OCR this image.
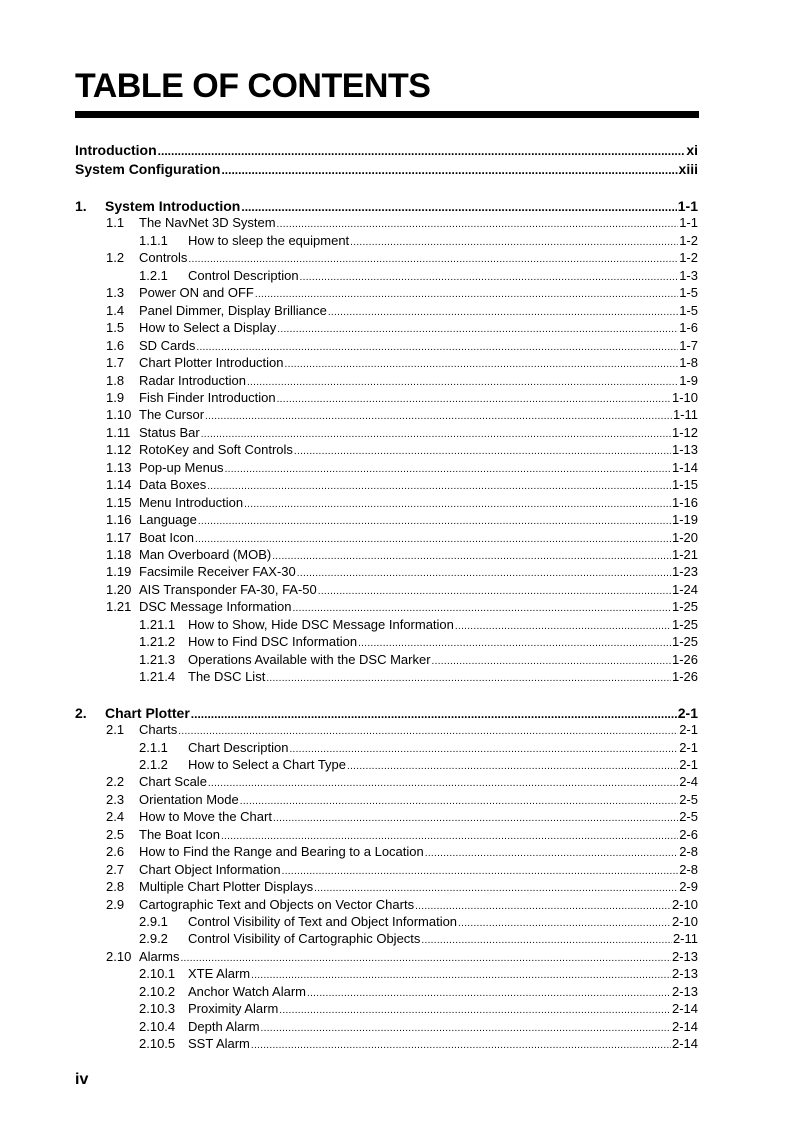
TABLE OF CONTENTS
Introduction .....	xi
System Configuration .....	xiii
1.	System Introduction .....	1-1
1.1	The NavNet 3D System .....	1-1
1.1.1	How to sleep the equipment .....	1-2
1.2	Controls .....	1-2
1.2.1	Control Description .....	1-3
1.3	Power ON and OFF .....	1-5
1.4	Panel Dimmer, Display Brilliance .....	1-5
1.5	How to Select a Display .....	1-6
1.6	SD Cards .....	1-7
1.7	Chart Plotter Introduction .....	1-8
1.8	Radar Introduction .....	1-9
1.9	Fish Finder Introduction .....	1-10
1.10 The Cursor .....	1-11
1.11 Status Bar .....	1-12
1.12 RotoKey and Soft Controls .....	1-13
1.13 Pop-up Menus .....	1-14
1.14 Data Boxes .....	1-15
1.15 Menu Introduction .....	1-16
1.16 Language .....	1-19
1.17 Boat Icon .....	1-20
1.18 Man Overboard (MOB) .....	1-21
1.19 Facsimile Receiver FAX-30 .....	1-23
1.20 AIS Transponder FA-30, FA-50 .....	1-24
1.21 DSC Message Information .....	1-25
1.21.1 How to Show, Hide DSC Message Information .....	1-25
1.21.2 How to Find DSC Information .....	1-25
1.21.3 Operations Available with the DSC Marker .....	1-26
1.21.4 The DSC List .....	1-26
2.	Chart Plotter .....	2-1
2.1	Charts .....	2-1
2.1.1	Chart Description .....	2-1
2.1.2	How to Select a Chart Type .....	2-1
2.2	Chart Scale .....	2-4
2.3	Orientation Mode .....	2-5
2.4	How to Move the Chart .....	2-5
2.5	The Boat Icon .....	2-6
2.6	How to Find the Range and Bearing to a Location .....	2-8
2.7	Chart Object Information .....	2-8
2.8	Multiple Chart Plotter Displays .....	2-9
2.9	Cartographic Text and Objects on Vector Charts .....	2-10
2.9.1	Control Visibility of Text and Object Information .....	2-10
2.9.2	Control Visibility of Cartographic Objects .....	2-11
2.10 Alarms .....	2-13
2.10.1 XTE Alarm .....	2-13
2.10.2 Anchor Watch Alarm .....	2-13
2.10.3 Proximity Alarm .....	2-14
2.10.4 Depth Alarm .....	2-14
2.10.5 SST Alarm .....	2-14

iv
